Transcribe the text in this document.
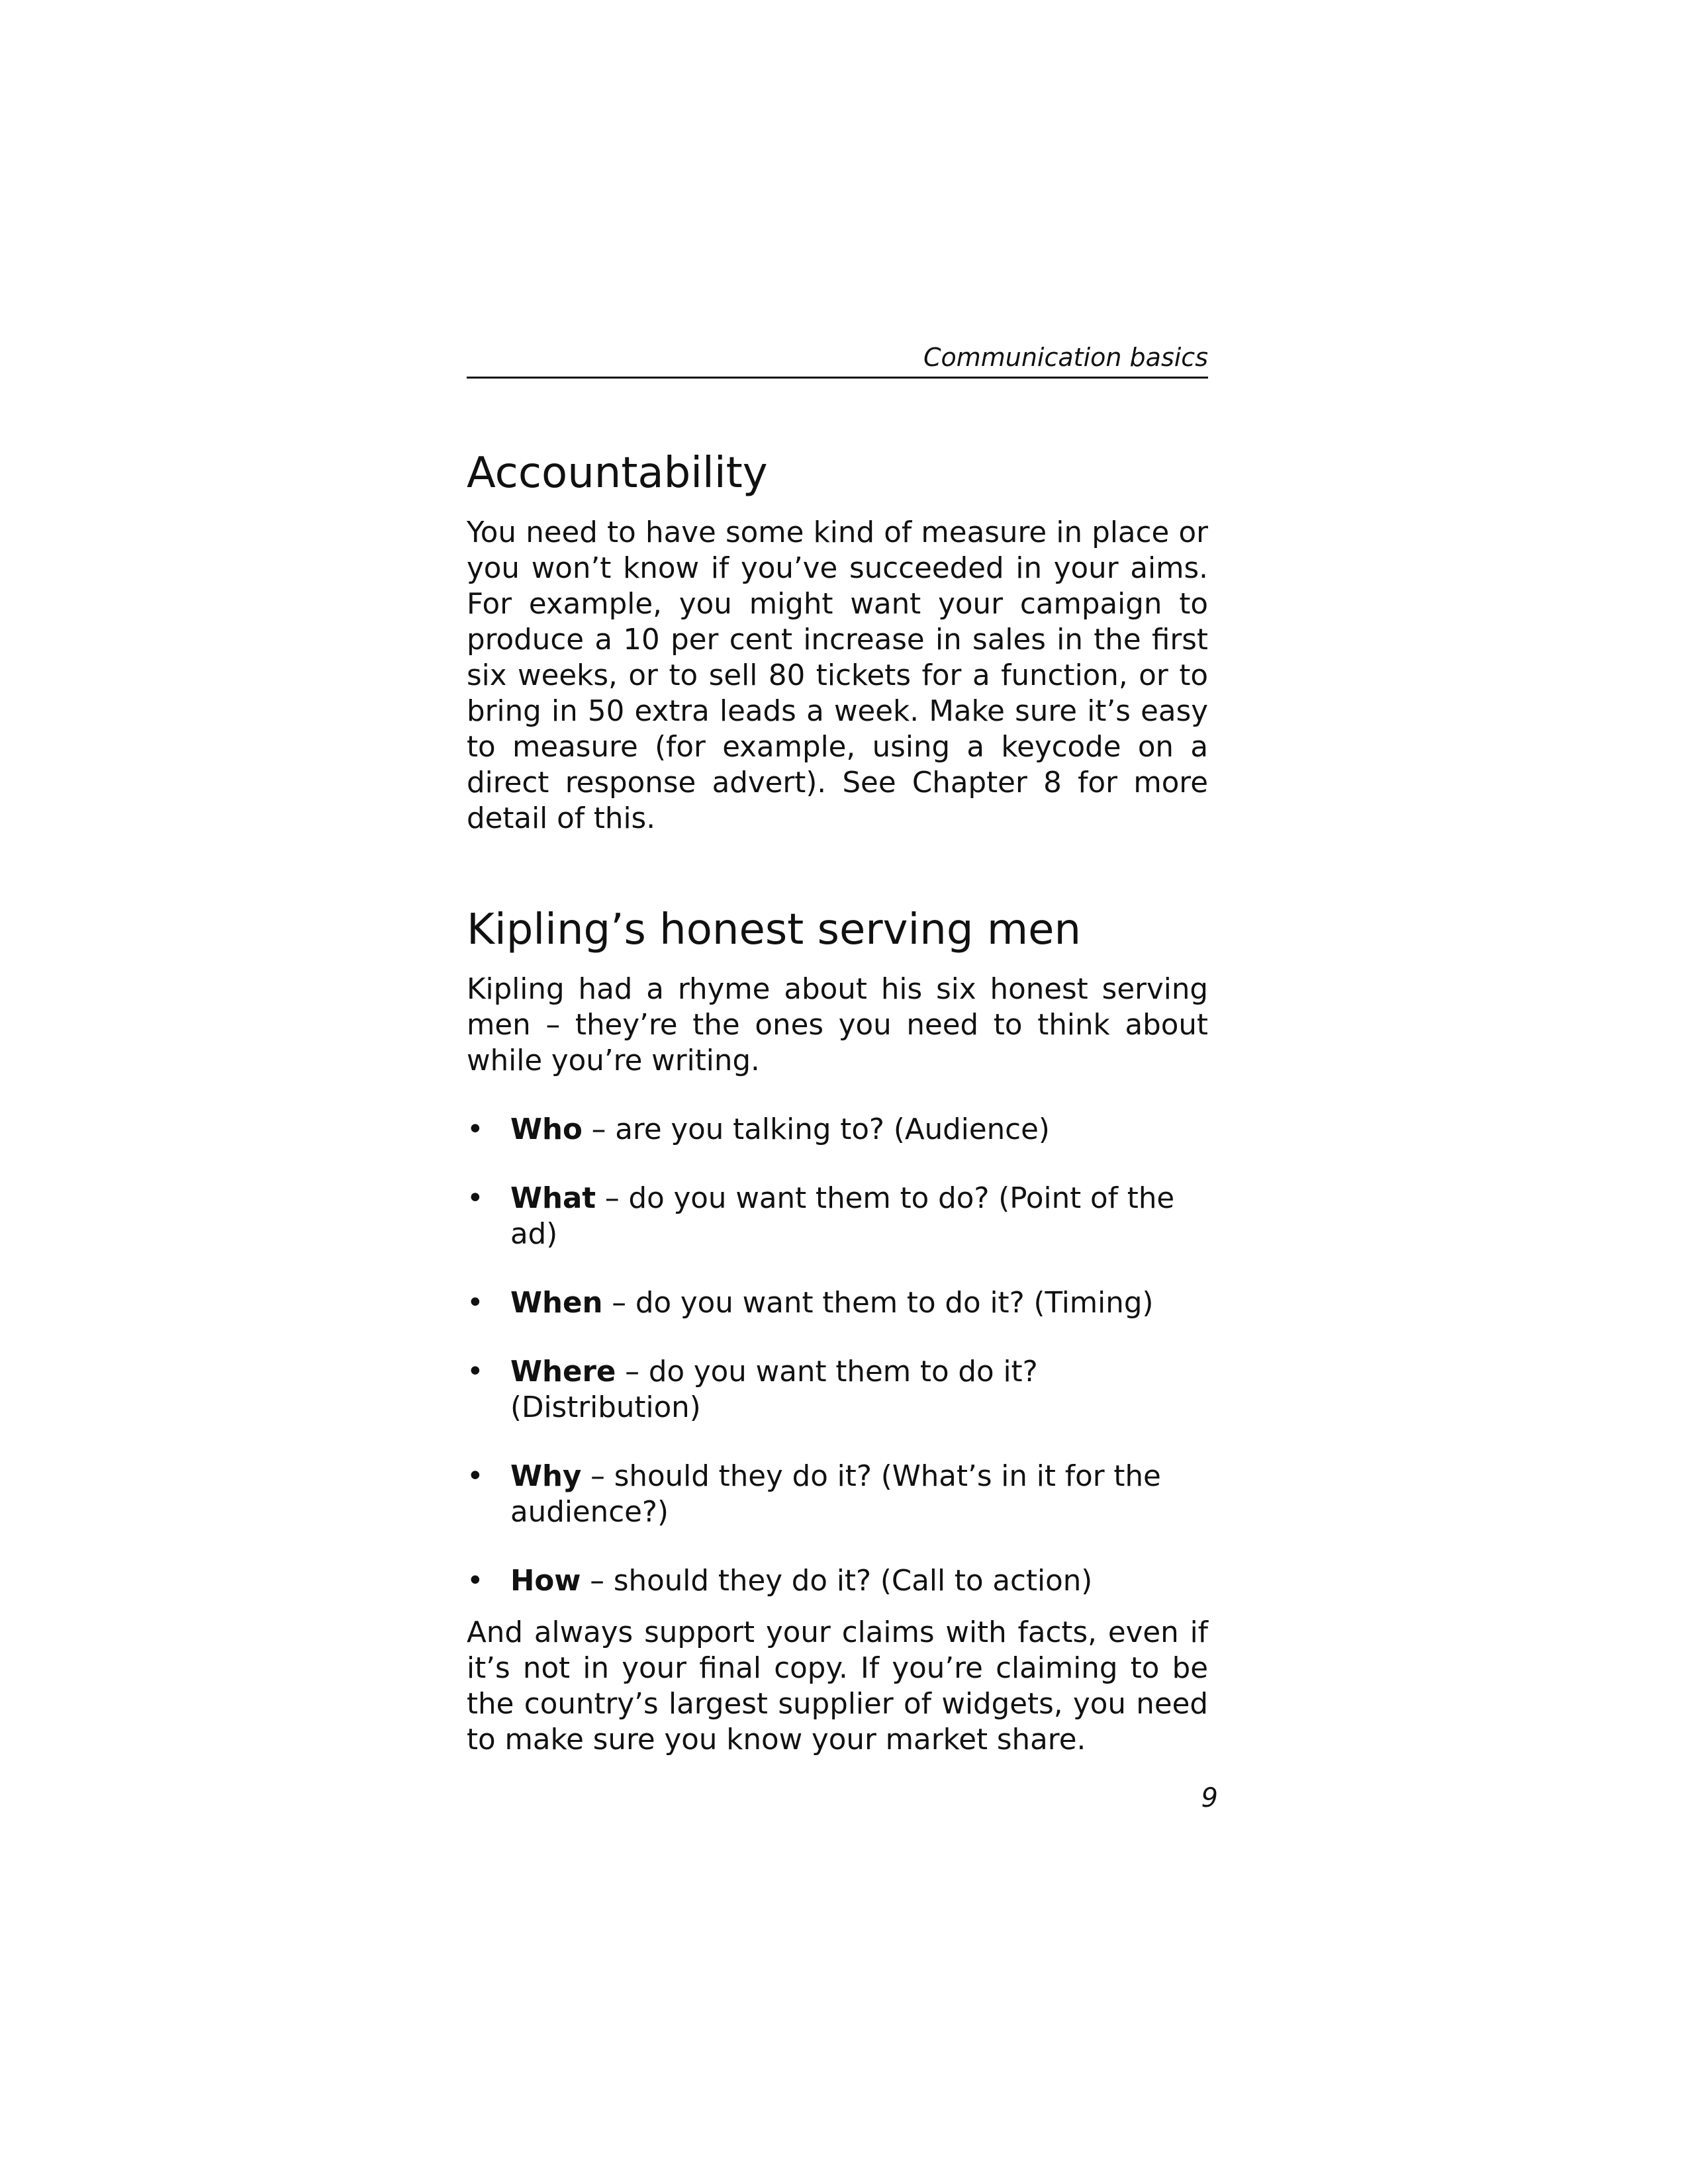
Communication basics
Accountability

You need to have some kind of measure in place or you won’t know if you’ve succeeded in your aims. For example, you might want your campaign to produce a 10 per cent increase in sales in the first six weeks, or to sell 80 tickets for a function, or to bring in 50 extra leads a week. Make sure it’s easy to measure (for example, using a keycode on a direct response advert). See Chapter 8 for more detail of this.

Kipling’s honest serving men

Kipling had a rhyme about his six honest serving men – they’re the ones you need to think about while you’re writing.

• Who – are you talking to? (Audience)
• What – do you want them to do? (Point of the ad)
• When – do you want them to do it? (Timing)
• Where – do you want them to do it? (Distribution)
• Why – should they do it? (What’s in it for the audience?)
• How – should they do it? (Call to action)

And always support your claims with facts, even if it’s not in your final copy. If you’re claiming to be the country’s largest supplier of widgets, you need to make sure you know your market share.

9
